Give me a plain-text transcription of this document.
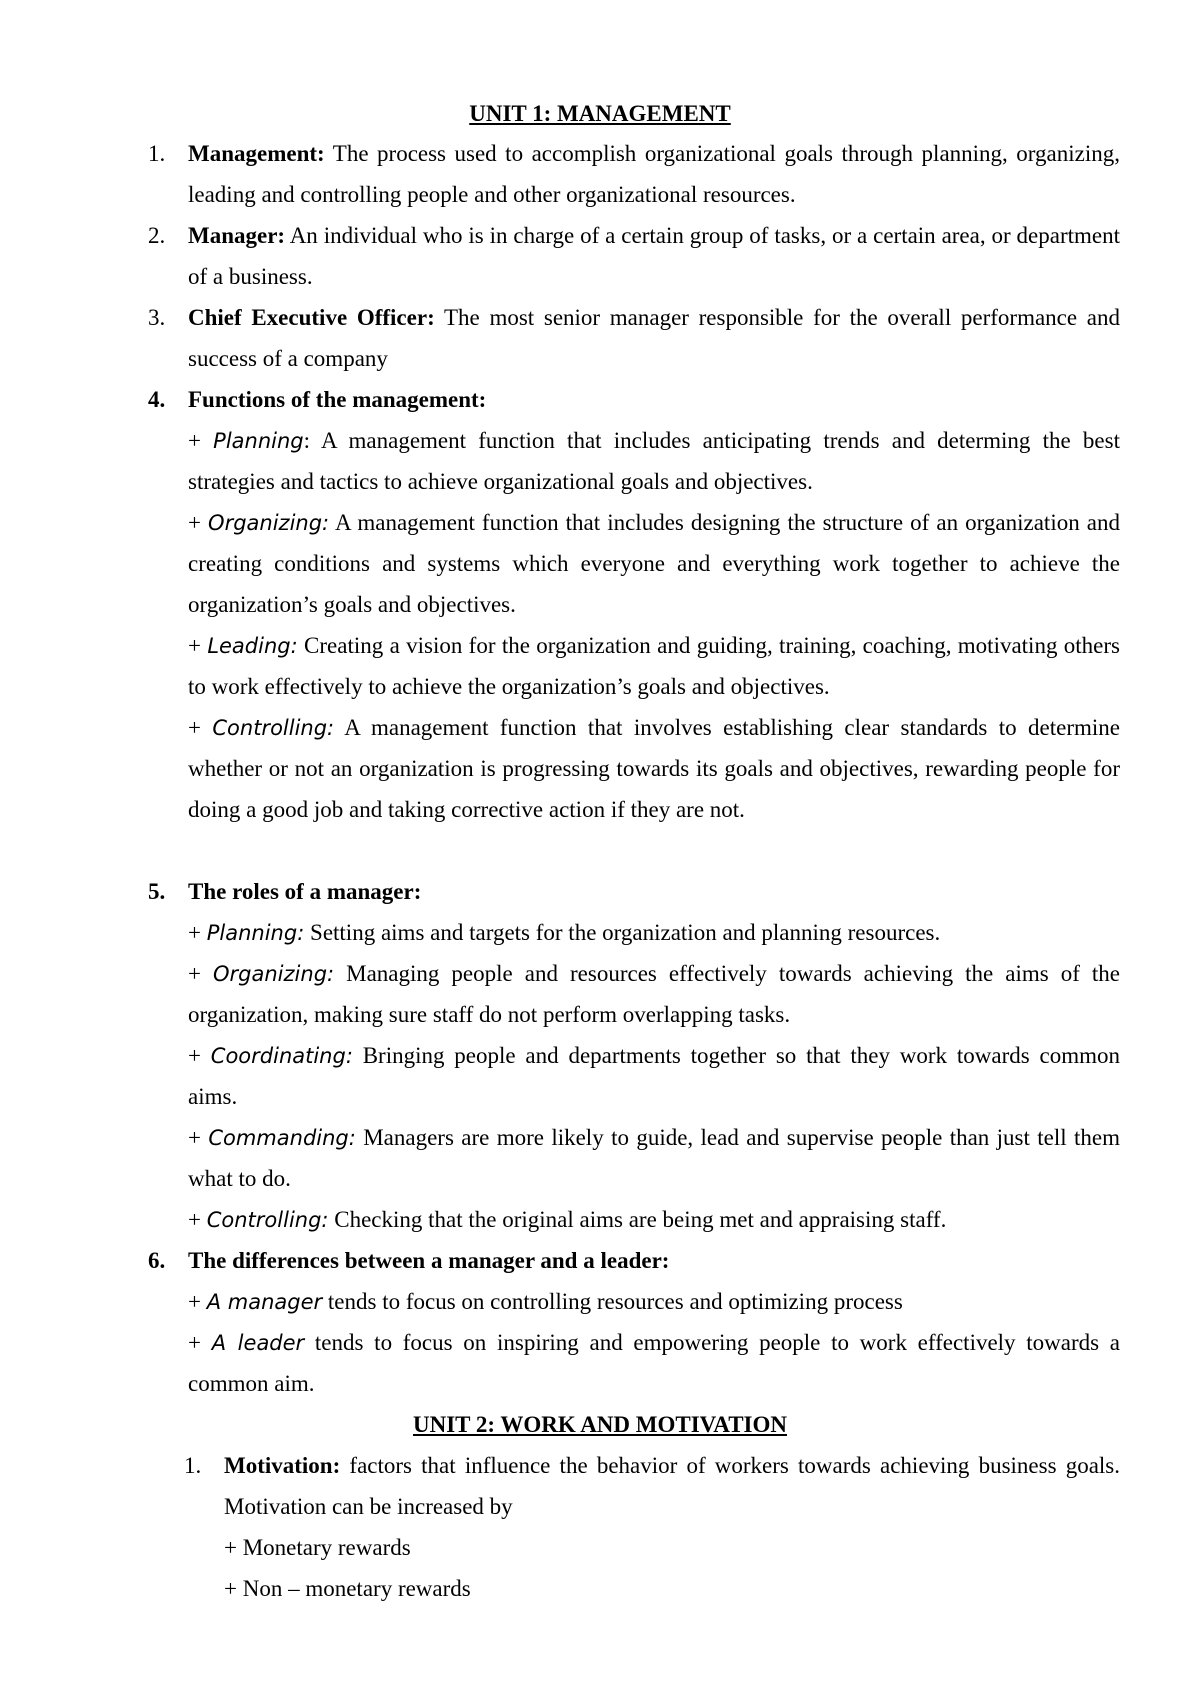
UNIT 1: MANAGEMENT

1. Management: The process used to accomplish organizational goals through planning, organizing, leading and controlling people and other organizational resources.
2. Manager: An individual who is in charge of a certain group of tasks, or a certain area, or department of a business.
3. Chief Executive Officer: The most senior manager responsible for the overall performance and success of a company
4. Functions of the management:
+ Planning: A management function that includes anticipating trends and determing the best strategies and tactics to achieve organizational goals and objectives.
+ Organizing: A management function that includes designing the structure of an organization and creating conditions and systems which everyone and everything work together to achieve the organization’s goals and objectives.
+ Leading: Creating a vision for the organization and guiding, training, coaching, motivating others to work effectively to achieve the organization’s goals and objectives.
+ Controlling: A management function that involves establishing clear standards to determine whether or not an organization is progressing towards its goals and objectives, rewarding people for doing a good job and taking corrective action if they are not.
5. The roles of a manager:
+ Planning: Setting aims and targets for the organization and planning resources.
+ Organizing: Managing people and resources effectively towards achieving the aims of the organization, making sure staff do not perform overlapping tasks.
+ Coordinating: Bringing people and departments together so that they work towards common aims.
+ Commanding: Managers are more likely to guide, lead and supervise people than just tell them what to do.
+ Controlling: Checking that the original aims are being met and appraising staff.
6. The differences between a manager and a leader:
+ A manager tends to focus on controlling resources and optimizing process
+ A leader tends to focus on inspiring and empowering people to work effectively towards a common aim.

UNIT 2: WORK AND MOTIVATION

1. Motivation: factors that influence the behavior of workers towards achieving business goals. Motivation can be increased by
+ Monetary rewards
+ Non – monetary rewards
